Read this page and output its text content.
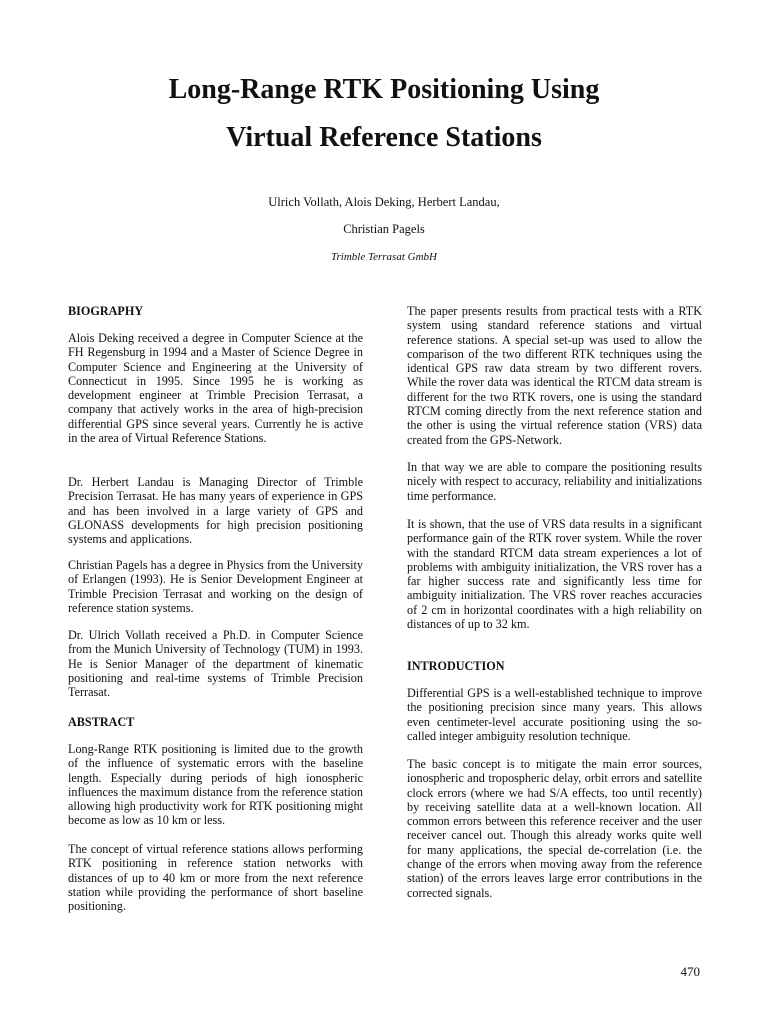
Long-Range RTK Positioning Using
Virtual Reference Stations
Ulrich Vollath, Alois Deking, Herbert Landau,
Christian Pagels
Trimble Terrasat GmbH
BIOGRAPHY

Alois Deking received a degree in Computer Science at the FH Regensburg in 1994 and a Master of Science Degree in Computer Science and Engineering at the University of Connecticut in 1995. Since 1995 he is working as development engineer at Trimble Precision Terrasat, a company that actively works in the area of high-precision differential GPS since several years. Currently he is active in the area of Virtual Reference Stations.

Dr. Herbert Landau is Managing Director of Trimble Precision Terrasat. He has many years of experience in GPS and has been involved in a large variety of GPS and GLONASS developments for high precision positioning systems and applications.

Christian Pagels has a degree in Physics from the University of Erlangen (1993). He is Senior Development Engineer at Trimble Precision Terrasat and working on the design of reference station systems.

Dr. Ulrich Vollath received a Ph.D. in Computer Science from the Munich University of Technology (TUM) in 1993. He is Senior Manager of the department of kinematic positioning and real-time systems of Trimble Precision Terrasat.

ABSTRACT

Long-Range RTK positioning is limited due to the growth of the influence of systematic errors with the baseline length. Especially during periods of high ionospheric influences the maximum distance from the reference station allowing high productivity work for RTK positioning might become as low as 10 km or less.

The concept of virtual reference stations allows performing RTK positioning in reference station networks with distances of up to 40 km or more from the next reference station while providing the performance of short baseline positioning.

The paper presents results from practical tests with a RTK system using standard reference stations and virtual reference stations. A special set-up was used to allow the comparison of the two different RTK techniques using the identical GPS raw data stream by two different rovers. While the rover data was identical the RTCM data stream is different for the two RTK rovers, one is using the standard RTCM coming directly from the next reference station and the other is using the virtual reference station (VRS) data created from the GPS-Network.

In that way we are able to compare the positioning results nicely with respect to accuracy, reliability and initializations time performance.

It is shown, that the use of VRS data results in a significant performance gain of the RTK rover system. While the rover with the standard RTCM data stream experiences a lot of problems with ambiguity initialization, the VRS rover has a far higher success rate and significantly less time for ambiguity initialization. The VRS rover reaches accuracies of 2 cm in horizontal coordinates with a high reliability on distances of up to 32 km.

INTRODUCTION

Differential GPS is a well-established technique to improve the positioning precision since many years. This allows even centimeter-level accurate positioning using the so-called integer ambiguity resolution technique.

The basic concept is to mitigate the main error sources, ionospheric and tropospheric delay, orbit errors and satellite clock errors (where we had S/A effects, too until recently) by receiving satellite data at a well-known location. All common errors between this reference receiver and the user receiver cancel out. Though this already works quite well for many applications, the special de-correlation (i.e. the change of the errors when moving away from the reference station) of the errors leaves large error contributions in the corrected signals.

470
